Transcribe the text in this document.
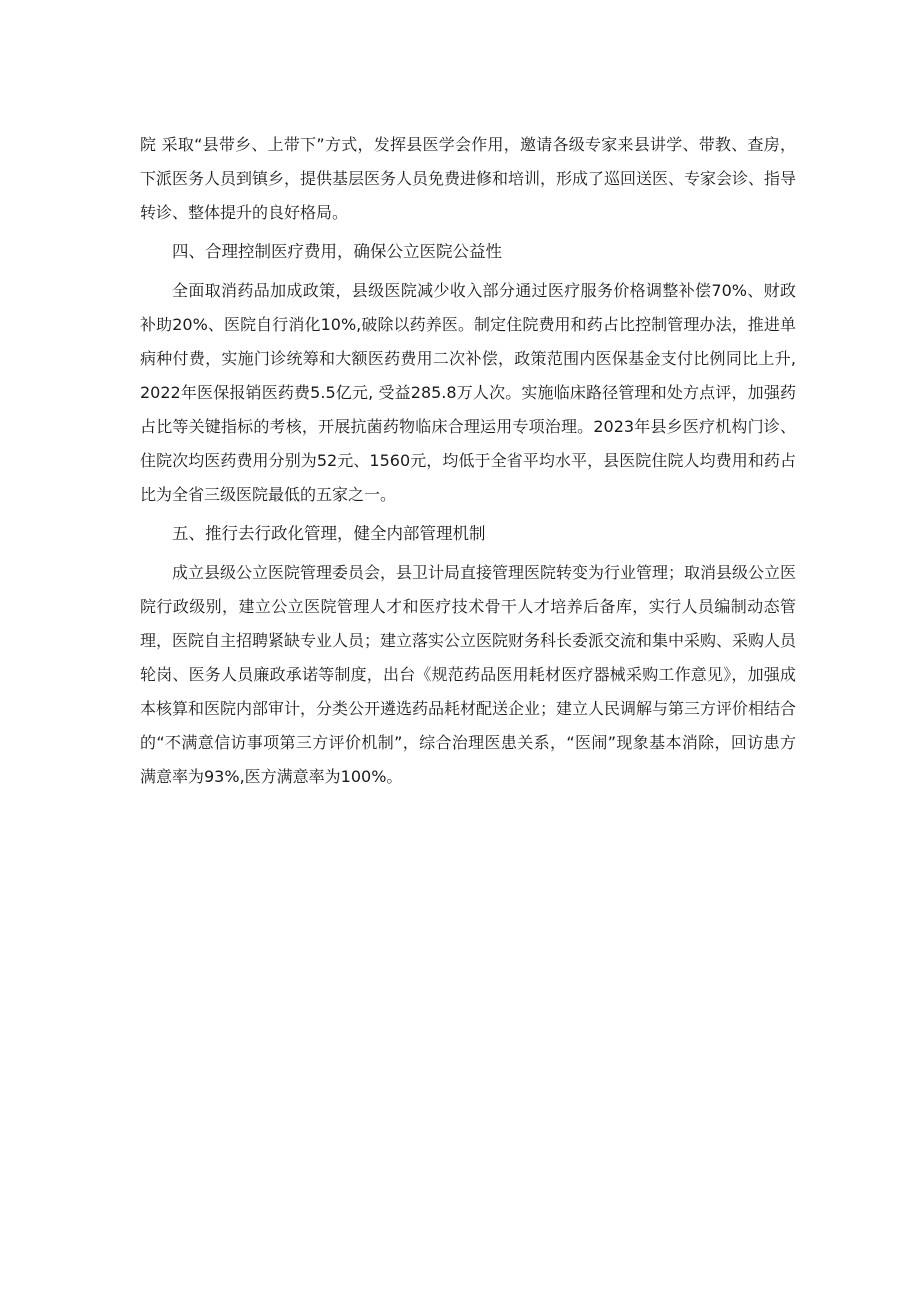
院 采取“县带乡、上带下”方式，发挥县医学会作用，邀请各级专家来县讲学、带教、查房，下派医务人员到镇乡，提供基层医务人员免费进修和培训，形成了巡回送医、专家会诊、指导转诊、整体提升的良好格局。

四、合理控制医疗费用，确保公立医院公益性

全面取消药品加成政策，县级医院减少收入部分通过医疗服务价格调整补偿70%、财政补助20%、医院自行消化10%,破除以药养医。制定住院费用和药占比控制管理办法，推进单病种付费，实施门诊统筹和大额医药费用二次补偿，政策范围内医保基金支付比例同比上升, 2022年医保报销医药费5.5亿元, 受益285.8万人次。实施临床路径管理和处方点评，加强药占比等关键指标的考核，开展抗菌药物临床合理运用专项治理。2023年县乡医疗机构门诊、住院次均医药费用分别为52元、1560元，均低于全省平均水平，县医院住院人均费用和药占比为全省三级医院最低的五家之一。

五、推行去行政化管理，健全内部管理机制

成立县级公立医院管理委员会，县卫计局直接管理医院转变为行业管理；取消县级公立医院行政级别，建立公立医院管理人才和医疗技术骨干人才培养后备库，实行人员编制动态管理，医院自主招聘紧缺专业人员；建立落实公立医院财务科长委派交流和集中采购、采购人员轮岗、医务人员廉政承诺等制度，出台《规范药品医用耗材医疗器械采购工作意见》，加强成本核算和医院内部审计，分类公开遴选药品耗材配送企业；建立人民调解与第三方评价相结合的“不满意信访事项第三方评价机制”，综合治理医患关系，“医闹”现象基本消除，回访患方满意率为93%,医方满意率为100%。
